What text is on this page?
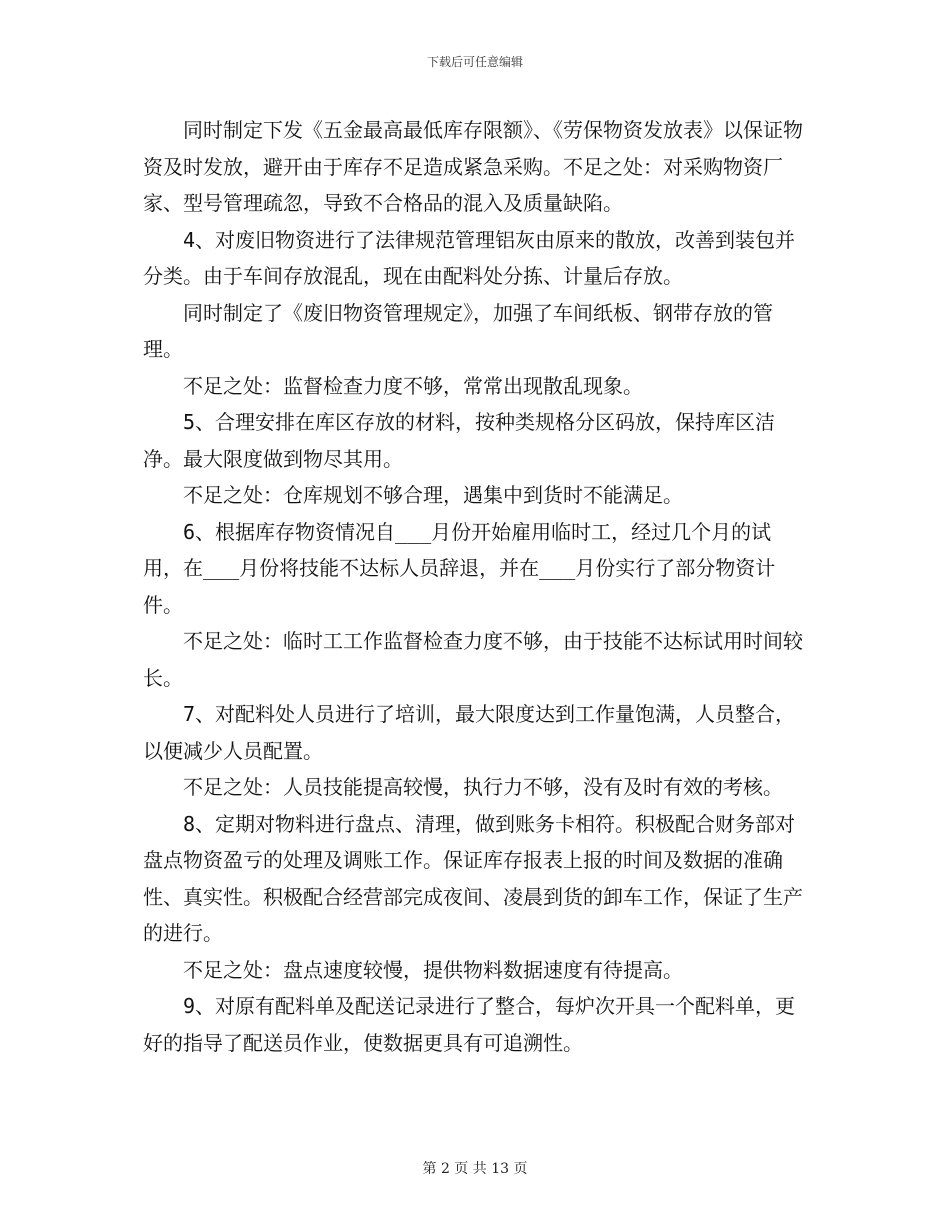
下载后可任意编辑

同时制定下发《五金最高最低库存限额》、《劳保物资发放表》以保证物资及时发放，避开由于库存不足造成紧急采购。不足之处：对采购物资厂家、型号管理疏忽，导致不合格品的混入及质量缺陷。

4、对废旧物资进行了法律规范管理铝灰由原来的散放，改善到装包并分类。由于车间存放混乱，现在由配料处分拣、计量后存放。

同时制定了《废旧物资管理规定》，加强了车间纸板、钢带存放的管理。

不足之处：监督检查力度不够，常常出现散乱现象。

5、合理安排在库区存放的材料，按种类规格分区码放，保持库区洁净。最大限度做到物尽其用。

不足之处：仓库规划不够合理，遇集中到货时不能满足。

6、根据库存物资情况自___月份开始雇用临时工，经过几个月的试用，在___月份将技能不达标人员辞退，并在___月份实行了部分物资计件。

不足之处：临时工工作监督检查力度不够，由于技能不达标试用时间较长。

7、对配料处人员进行了培训，最大限度达到工作量饱满，人员整合，以便减少人员配置。

不足之处：人员技能提高较慢，执行力不够，没有及时有效的考核。

8、定期对物料进行盘点、清理，做到账务卡相符。积极配合财务部对盘点物资盈亏的处理及调账工作。保证库存报表上报的时间及数据的准确性、真实性。积极配合经营部完成夜间、凌晨到货的卸车工作，保证了生产的进行。

不足之处：盘点速度较慢，提供物料数据速度有待提高。

9、对原有配料单及配送记录进行了整合，每炉次开具一个配料单，更好的指导了配送员作业，使数据更具有可追溯性。

第 2 页 共 13 页
